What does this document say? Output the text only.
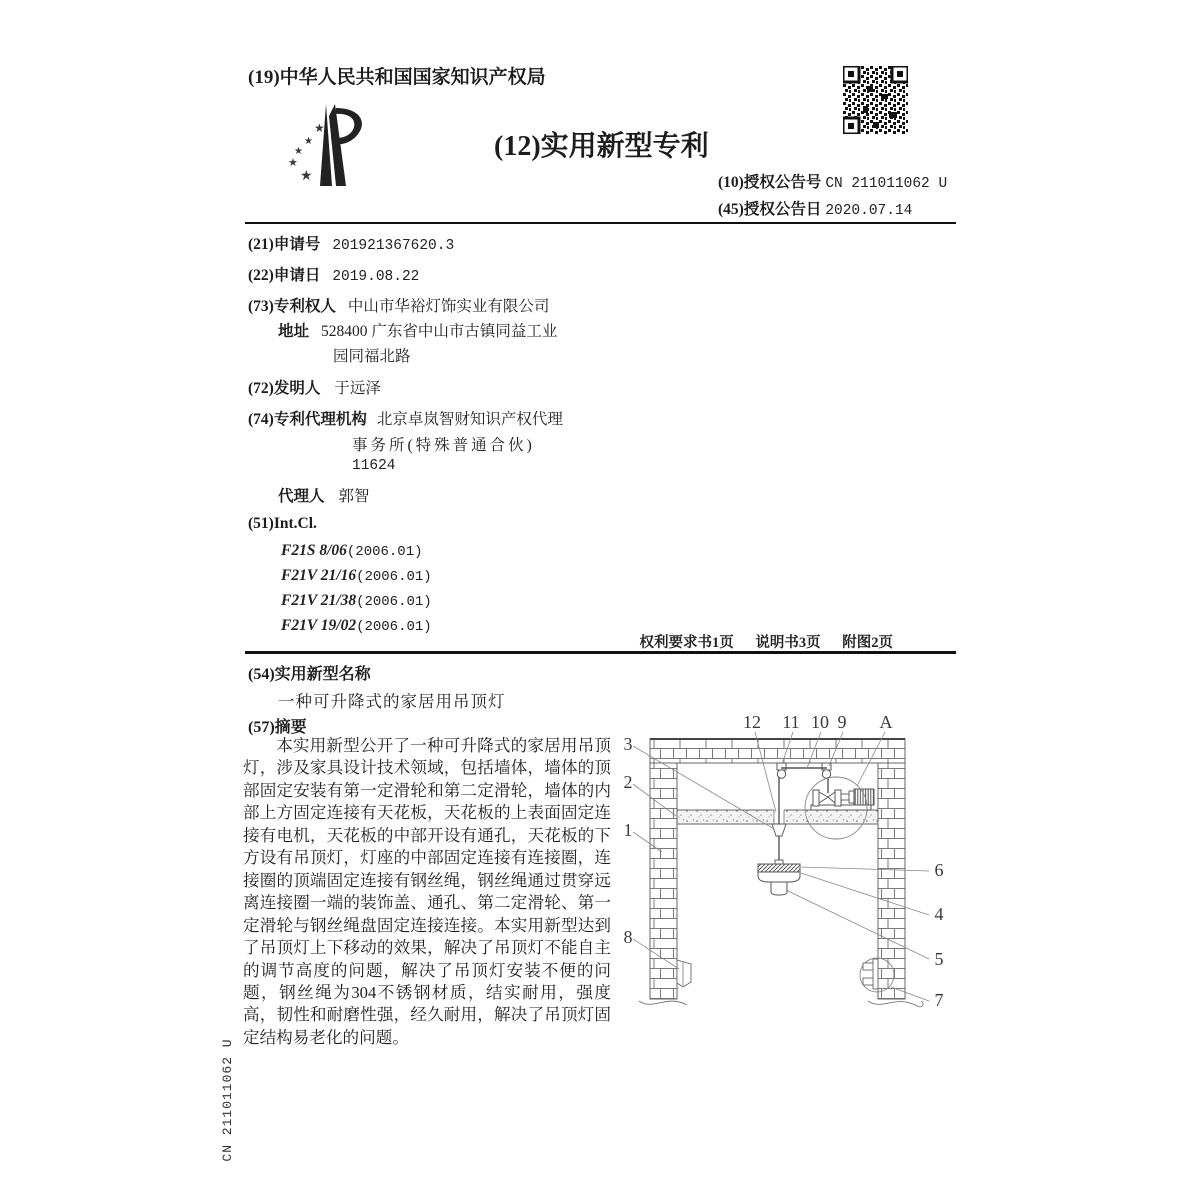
(19)中华人民共和国国家知识产权局
★
★
★
★
★
(12)实用新型专利
(10)授权公告号 CN 211011062 U
(45)授权公告日 2020.07.14
(21)申请号 201921367620.3
(22)申请日 2019.08.22
(73)专利权人 中山市华裕灯饰实业有限公司
地址 528400 广东省中山市古镇同益工业
园同福北路
(72)发明人 于远泽
(74)专利代理机构 北京卓岚智财知识产权代理
事务所(特殊普通合伙)
11624
代理人 郭智
(51)Int.Cl.
F21S 8/06(2006.01)
F21V 21/16(2006.01)
F21V 21/38(2006.01)
F21V 19/02(2006.01)
权利要求书1页 说明书3页 附图2页
(54)实用新型名称
一种可升降式的家居用吊顶灯
(57)摘要
本实用新型公开了一种可升降式的家居用吊顶灯，涉及家具设计技术领域，包括墙体，墙体的顶部固定安装有第一定滑轮和第二定滑轮，墙体的内部上方固定连接有天花板，天花板的上表面固定连接有电机，天花板的中部开设有通孔，天花板的下方设有吊顶灯，灯座的中部固定连接有连接圈，连接圈的顶端固定连接有钢丝绳，钢丝绳通过贯穿远离连接圈一端的装饰盖、通孔、第二定滑轮、第一定滑轮与钢丝绳盘固定连接连接。本实用新型达到了吊顶灯上下移动的效果，解决了吊顶灯不能自主的调节高度的问题，解决了吊顶灯安装不便的问题，钢丝绳为304不锈钢材质，结实耐用，强度高，韧性和耐磨性强，经久耐用，解决了吊顶灯固定结构易老化的问题。
12 11 10 9 A
3
2
1
8
6
4
5
7
CN 211011062 U
